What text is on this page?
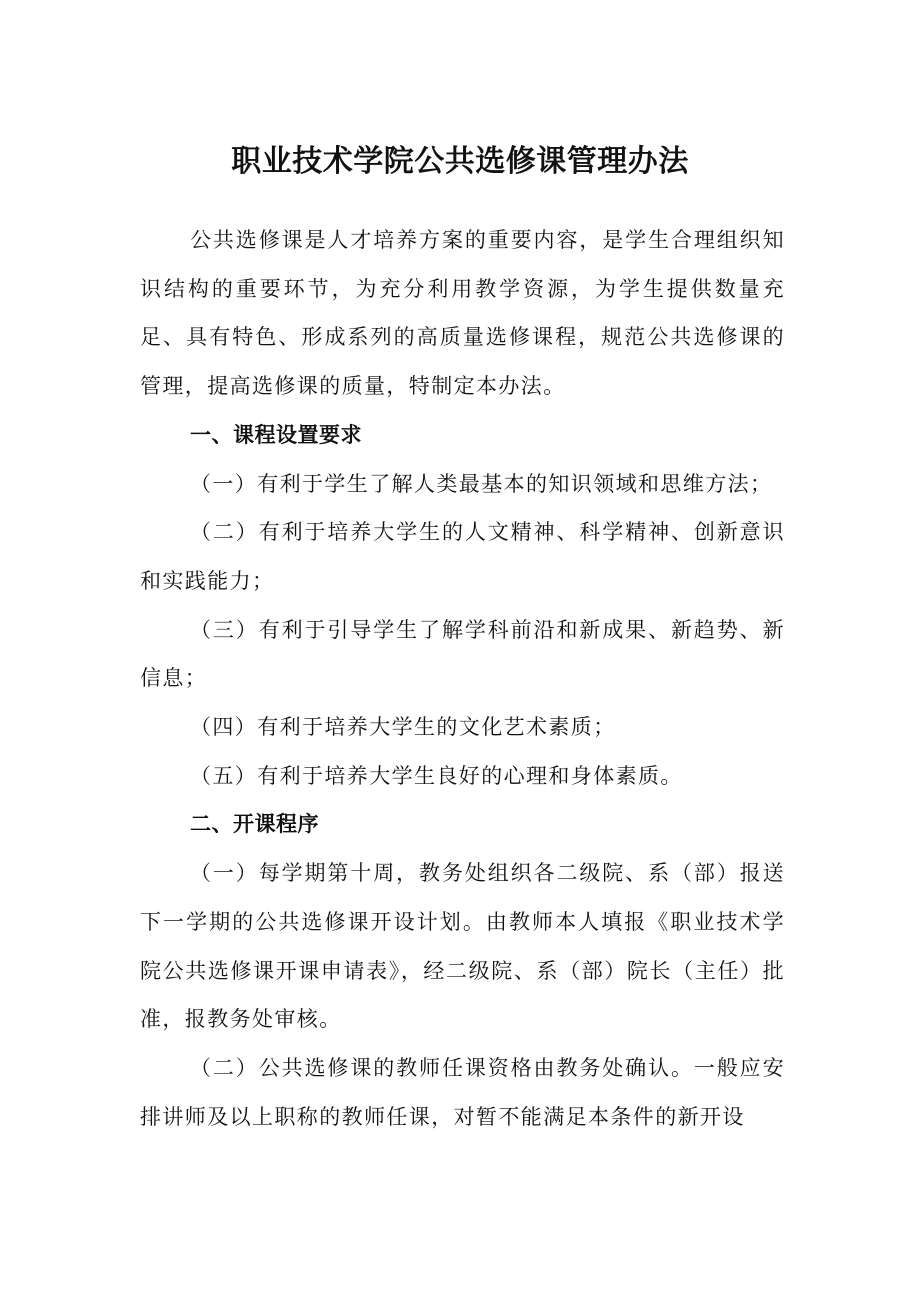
职业技术学院公共选修课管理办法

公共选修课是人才培养方案的重要内容，是学生合理组织知识结构的重要环节，为充分利用教学资源，为学生提供数量充足、具有特色、形成系列的高质量选修课程，规范公共选修课的管理，提高选修课的质量，特制定本办法。

一、课程设置要求

（一）有利于学生了解人类最基本的知识领域和思维方法；

（二）有利于培养大学生的人文精神、科学精神、创新意识和实践能力；

（三）有利于引导学生了解学科前沿和新成果、新趋势、新信息；

（四）有利于培养大学生的文化艺术素质；

（五）有利于培养大学生良好的心理和身体素质。

二、开课程序

（一）每学期第十周，教务处组织各二级院、系（部）报送下一学期的公共选修课开设计划。由教师本人填报《职业技术学院公共选修课开课申请表》，经二级院、系（部）院长（主任）批准，报教务处审核。

（二）公共选修课的教师任课资格由教务处确认。一般应安排讲师及以上职称的教师任课，对暂不能满足本条件的新开设
